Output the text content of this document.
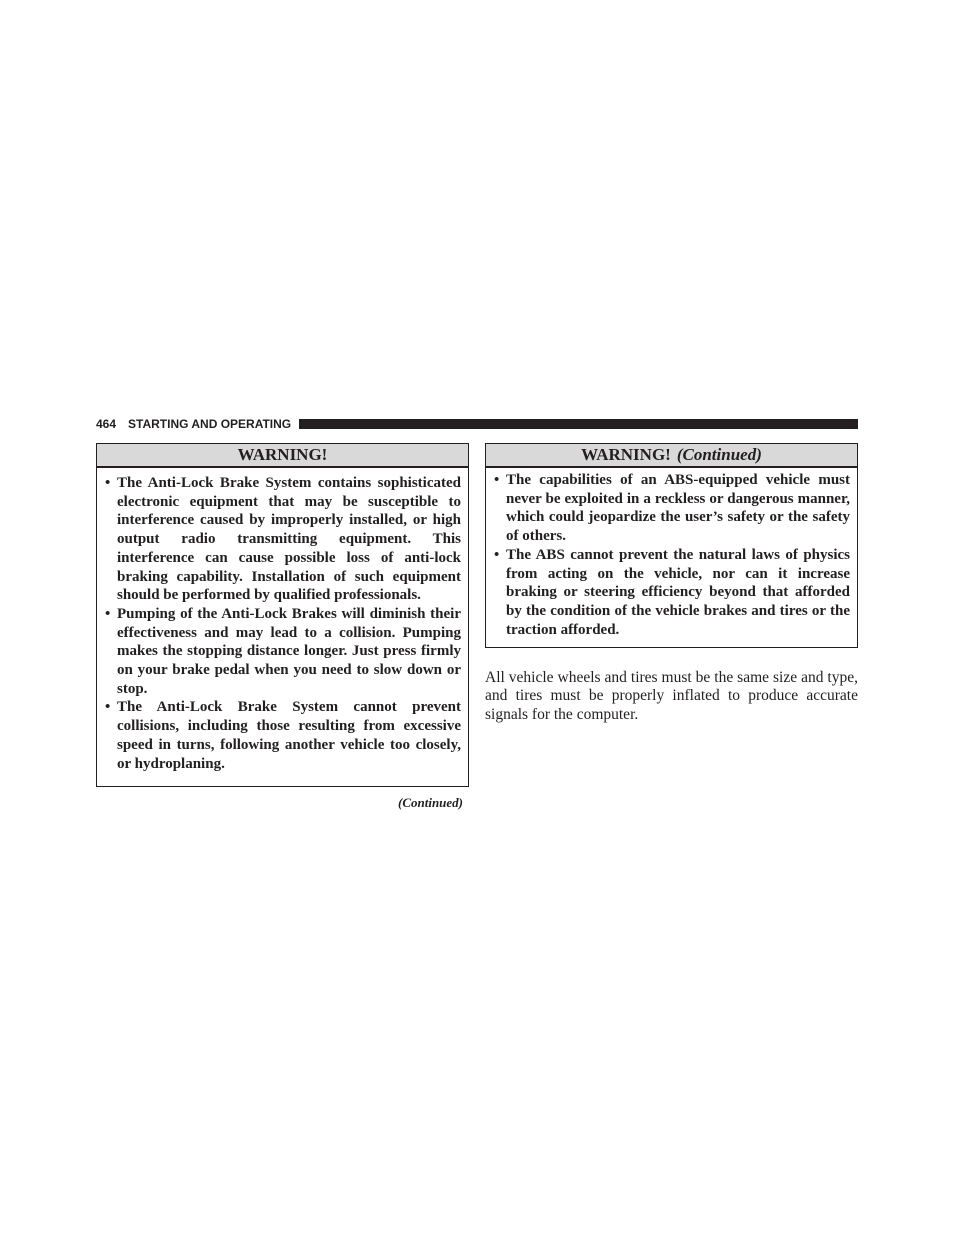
464 STARTING AND OPERATING
WARNING!
• The Anti-Lock Brake System contains sophisticated electronic equipment that may be susceptible to interference caused by improperly installed, or high output radio transmitting equipment. This interference can cause possible loss of anti-lock braking capability. Installation of such equipment should be performed by qualified professionals.
• Pumping of the Anti-Lock Brakes will diminish their effectiveness and may lead to a collision. Pumping makes the stopping distance longer. Just press firmly on your brake pedal when you need to slow down or stop.
• The Anti-Lock Brake System cannot prevent collisions, including those resulting from excessive speed in turns, following another vehicle too closely, or hydroplaning.
(Continued)
WARNING! (Continued)
• The capabilities of an ABS-equipped vehicle must never be exploited in a reckless or dangerous manner, which could jeopardize the user’s safety or the safety of others.
• The ABS cannot prevent the natural laws of physics from acting on the vehicle, nor can it increase braking or steering efficiency beyond that afforded by the condition of the vehicle brakes and tires or the traction afforded.

All vehicle wheels and tires must be the same size and type, and tires must be properly inflated to produce accurate signals for the computer.
